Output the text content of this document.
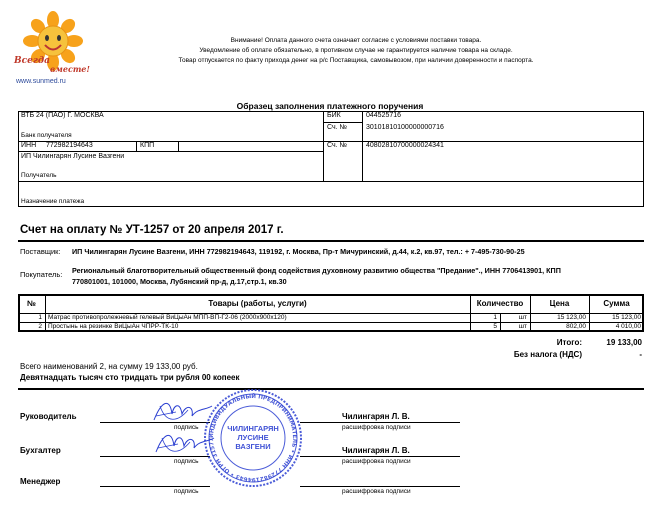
Всегда
вместе!
www.sunmed.ru
Внимание! Оплата данного счета означает согласие с условиями поставки товара.
Уведомление об оплате обязательно, в противном случае не гарантируется наличие товара на складе.
Товар отпускается по факту прихода денег на р/с Поставщика, самовывозом, при наличии доверенности и паспорта.
Образец заполнения платежного поручения
ВТБ 24 (ПАО) Г. МОСКВА
Банк получателя
БИК	044525716
Сч. №	30101810100000000716
ИНН 772982194643	КПП	Сч. №	40802810700000024341
ИП Чилингарян Лусине Вазгени
Получатель
Назначение платежа
Счет на оплату № УТ-1257 от 20 апреля 2017 г.
Поставщик: ИП Чилингарян Лусине Вазгени, ИНН 772982194643, 119192, г. Москва, Пр-т Мичуринский, д.44, к.2, кв.97, тел.: + 7-495-730-90-25
Покупатель: Региональный благотворительный общественный фонд содействия духовному развитию общества "Предание"., ИНН 7706413901, КПП
770801001, 101000, Москва, Лубянский пр-д, д.17,стр.1, кв.30
№	Товары (работы, услуги)	Количество	Цена	Сумма
1 Матрас противопролежневый гелевый ВиЦыАн МПП-ВП-Г2-06 (2000х900х120)	1	шт	15 123,00	15 123,00
2 Простынь на резинке ВиЦыАн ЧПРР-ТК-10	5	шт	802,00	4 010,00
Итого:	19 133,00
Без налога (НДС)	-
Всего наименований 2, на сумму 19 133,00 руб.
Девятнадцать тысяч сто тридцать три рубля 00 копеек
Руководитель
подпись
Чилингарян Л. В.
расшифровка подписи
Бухгалтер
подпись
Чилингарян Л. В.
расшифровка подписи
Менеджер
подпись	расшифровка подписи
ИНДИВИДУАЛЬНЫЙ ПРЕДПРИНИМАТЕЛЬ • ИНН 772982194643 • ОГРН 31577
ЧИЛИНГАРЯН
ЛУСИНЕ
ВАЗГЕНИ
